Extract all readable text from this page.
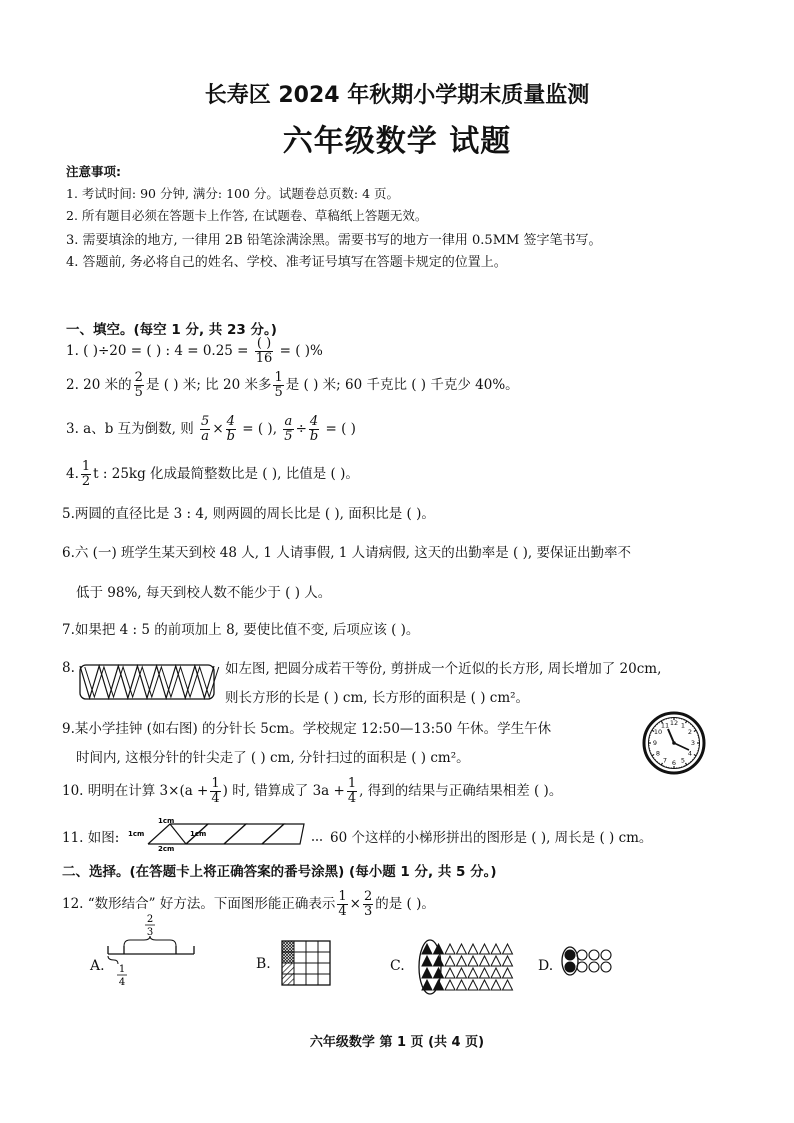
长寿区 2024 年秋期小学期末质量监测
六年级数学 试题
注意事项:
1. 考试时间: 90 分钟, 满分: 100 分。试题卷总页数: 4 页。
2. 所有题目必须在答题卡上作答, 在试题卷、草稿纸上答题无效。
3. 需要填涂的地方, 一律用 2B 铅笔涂满涂黑。需要书写的地方一律用 0.5MM 签字笔书写。
4. 答题前, 务必将自己的姓名、学校、准考证号填写在答题卡规定的位置上。
一、填空。(每空 1 分, 共 23 分。)
1. ( )÷20 = ( ) : $4 = 0.25 = \frac{( )}{16}$ = ( )%
2. 20 米的 $\frac{2}{5}$ 是 ( ) 米; 比 20 米多 $\frac{1}{5}$ 是 ( ) 米; 60 千克比 ( ) 千克少 40%。
3. a、b 互为倒数, 则 $\frac{5}{a} \times \frac{4}{b}$ = ( ), $\frac{a}{5} \div \frac{4}{b}$ = ( )
4. $\frac{1}{2}$ t : 25kg 化成最简整数比是 ( ), 比值是 ( )。
5.两圆的直径比是 3 : 4, 则两圆的周长比是 ( ), 面积比是 ( )。
6.六 (一) 班学生某天到校 48 人, 1 人请事假, 1 人请病假, 这天的出勤率是 ( ), 要保证出勤率不
低于 98%, 每天到校人数不能少于 ( ) 人。
7.如果把 4 : 5 的前项加上 8, 要使比值不变, 后项应该 ( )。
8.	如左图, 把圆分成若干等份, 剪拼成一个近似的长方形, 周长增加了 20cm,
则长方形的长是 ( ) cm, 长方形的面积是 ( ) cm²。
9.某小学挂钟 (如右图) 的分针长 5cm。学校规定 12:50—13:50 午休。学生午休
时间内, 这根分针的针尖走了 ( ) cm, 分针扫过的面积是 ( ) cm²。
12 1
2
3
4
5
6
7
8
9
10
11
10. 明明在计算 $3\times(a + \frac{1}{4}$ ) 时, 错算成了 $3a + \frac{1}{4}$ , 得到的结果与正确结果相差 ( )。
11. 如图:
1cm
1cm	1cm
2cm
60 个这样的小梯形拼出的图形是 ( ), 周长是 ( ) cm。
二、选择。(在答题卡上将正确答案的番号涂黑) (每小题 1 分, 共 5 分。)
12. “数形结合” 好方法。下面图形能正确表示 $\frac{1}{4} \times \frac{2}{3}$ 的是 ( )。
A.
2
3
1
4
B.	C.	D.
六年级数学 第 1 页 (共 4 页)
